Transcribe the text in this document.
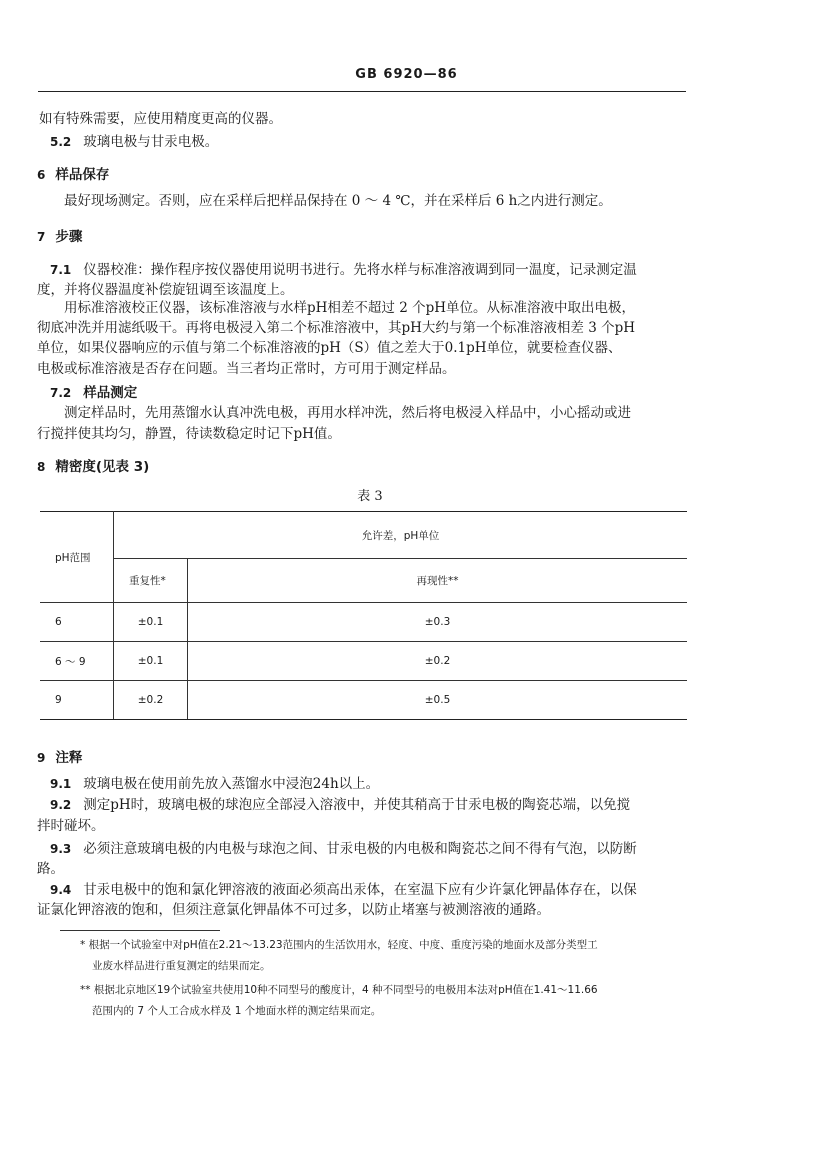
GB 6920—86
如有特殊需要，应使用精度更高的仪器。
5.2 玻璃电极与甘汞电极。
6 样品保存
最好现场测定。否则，应在采样后把样品保持在 0 ～ 4 ℃，并在采样后 6 h之内进行测定。
7 步骤
7.1 仪器校准：操作程序按仪器使用说明书进行。先将水样与标准溶液调到同一温度，记录测定温
度，并将仪器温度补偿旋钮调至该温度上。
用标准溶液校正仪器，该标准溶液与水样pH相差不超过 2 个pH单位。从标准溶液中取出电极，
彻底冲洗并用滤纸吸干。再将电极浸入第二个标准溶液中，其pH大约与第一个标准溶液相差 3 个pH
单位，如果仪器响应的示值与第二个标准溶液的pH（S）值之差大于0.1pH单位，就要检查仪器、
电极或标准溶液是否存在问题。当三者均正常时，方可用于测定样品。
7.2 样品测定
测定样品时，先用蒸馏水认真冲洗电极，再用水样冲洗，然后将电极浸入样品中，小心摇动或进
行搅拌使其均匀，静置，待读数稳定时记下pH值。
8 精密度(见表 3)
表 3
pH范围	允许差，pH单位	
	重复性*	再现性**
6	±0.1	±0.3
6 ～ 9	±0.1	±0.2
9	±0.2	±0.5
9 注释
9.1 玻璃电极在使用前先放入蒸馏水中浸泡24h以上。
9.2 测定pH时，玻璃电极的球泡应全部浸入溶液中，并使其稍高于甘汞电极的陶瓷芯端，以免搅
拌时碰坏。
9.3 必须注意玻璃电极的内电极与球泡之间、甘汞电极的内电极和陶瓷芯之间不得有气泡，以防断
路。
9.4 甘汞电极中的饱和氯化钾溶液的液面必须高出汞体，在室温下应有少许氯化钾晶体存在，以保
证氯化钾溶液的饱和，但须注意氯化钾晶体不可过多，以防止堵塞与被测溶液的通路。
* 根据一个试验室中对pH值在2.21～13.23范围内的生活饮用水，轻度、中度、重度污染的地面水及部分类型工
业废水样品进行重复测定的结果而定。
** 根据北京地区19个试验室共使用10种不同型号的酸度计，4 种不同型号的电极用本法对pH值在1.41～11.66
范围内的 7 个人工合成水样及 1 个地面水样的测定结果而定。
